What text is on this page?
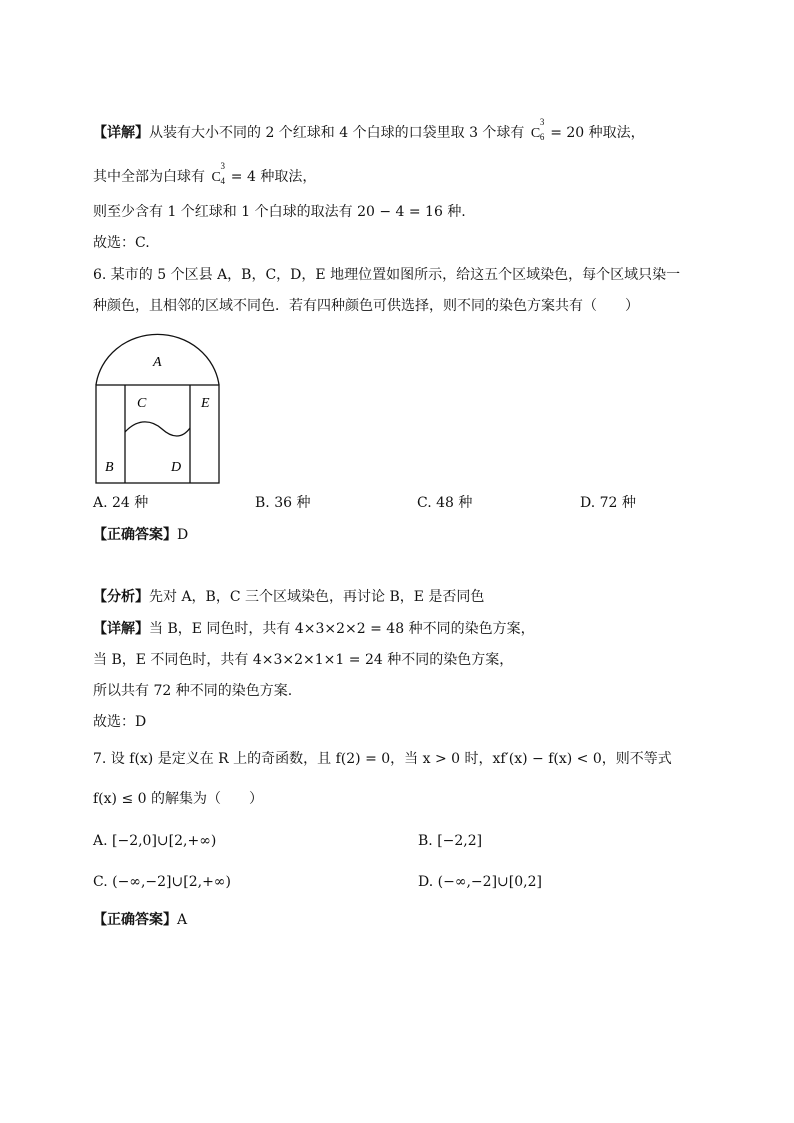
【详解】从装有大小不同的 2 个红球和 4 个白球的口袋里取 3 个球有 C
3
6 = 20 种取法，
其中全部为白球有 C
3
4 = 4 种取法，
则至少含有 1 个红球和 1 个白球的取法有 20 − 4 = 16 种.
故选：C.
6. 某市的 5 个区县 A，B，C，D，E 地理位置如图所示，给这五个区域染色，每个区域只染一
种颜色，且相邻的区域不同色．若有四种颜色可供选择，则不同的染色方案共有（　　）
A
C	E
B	D
A. 24 种	B. 36 种	C. 48 种	D. 72 种
【正确答案】D
【分析】先对 A，B，C 三个区域染色，再讨论 B，E 是否同色
【详解】当 B，E 同色时，共有 4×3×2×2 = 48 种不同的染色方案，
当 B，E 不同色时，共有 4×3×2×1×1 = 24 种不同的染色方案，
所以共有 72 种不同的染色方案.
故选：D
7. 设 f(x) 是定义在 R 上的奇函数，且 f(2) = 0，当 x > 0 时，xf′(x) − f(x) < 0，则不等式
f(x) ≤ 0 的解集为（　　）
A. [−2,0]∪[2,+∞)	B. [−2,2]
C. (−∞,−2]∪[2,+∞)	D. (−∞,−2]∪[0,2]
【正确答案】A
